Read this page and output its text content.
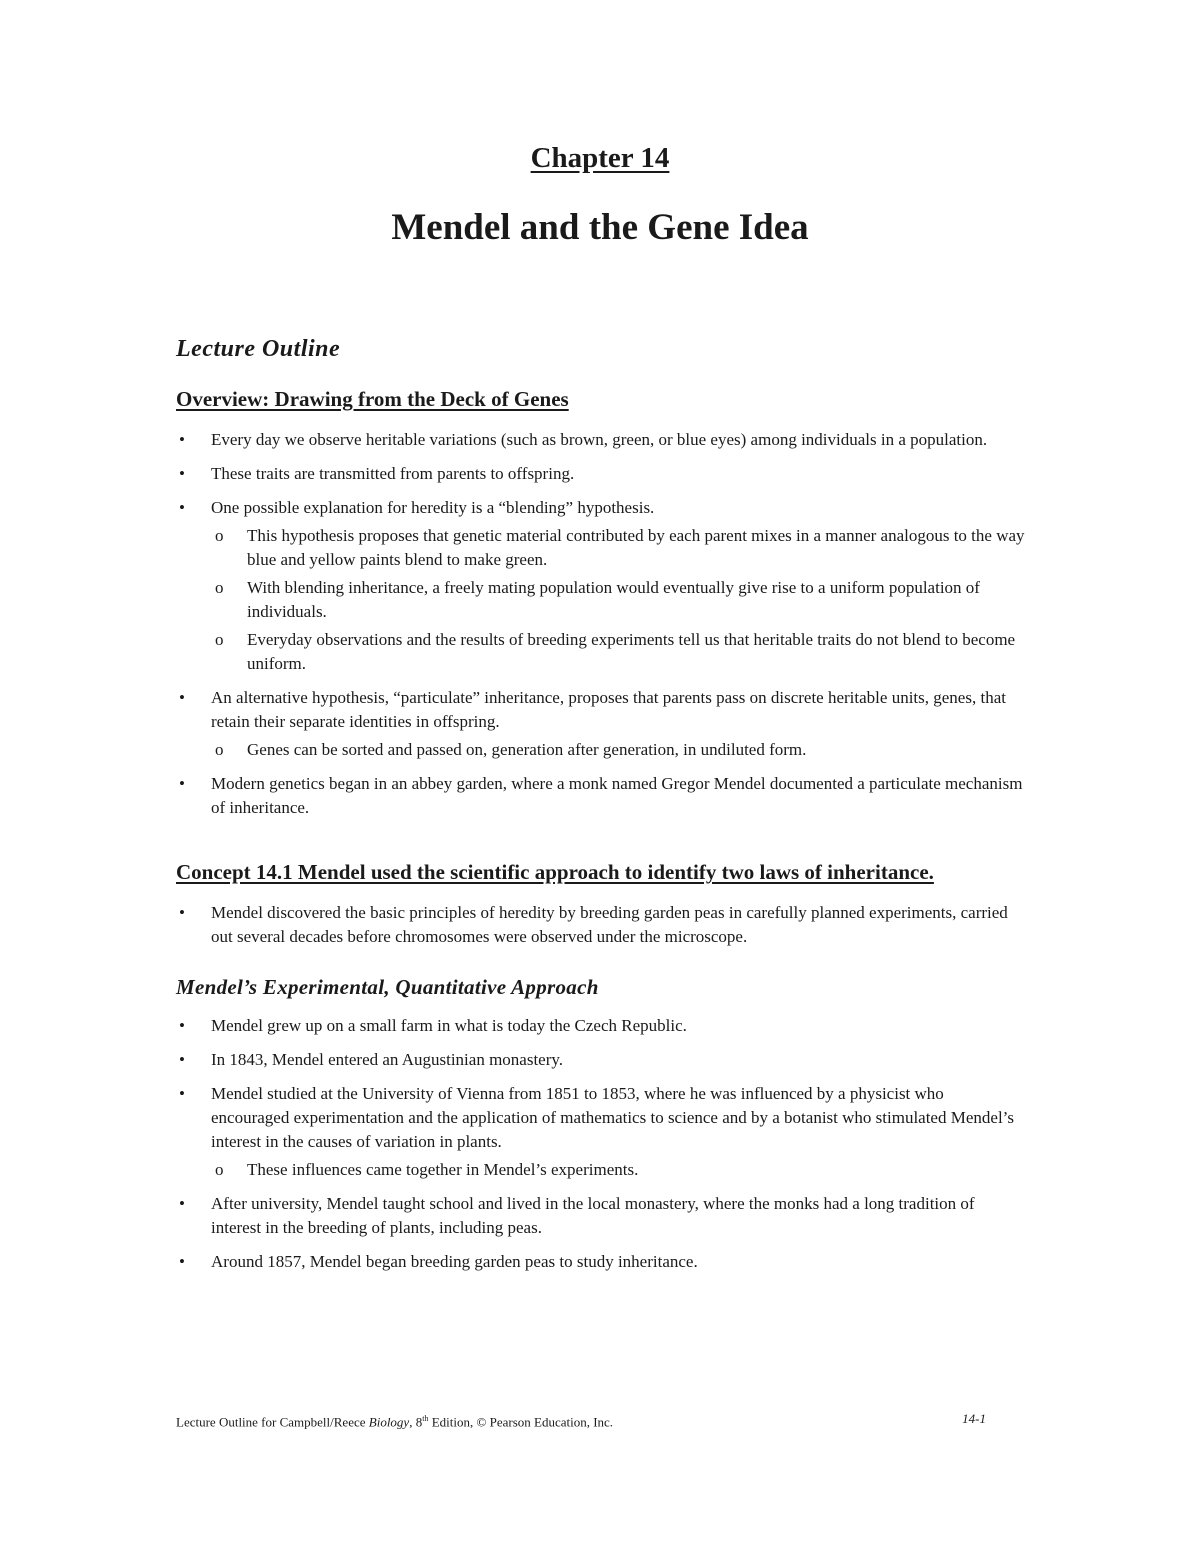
Chapter 14
Mendel and the Gene Idea
Lecture Outline
Overview: Drawing from the Deck of Genes
• Every day we observe heritable variations (such as brown, green, or blue eyes) among individuals in a population.
• These traits are transmitted from parents to offspring.
• One possible explanation for heredity is a “blending” hypothesis.
o This hypothesis proposes that genetic material contributed by each parent mixes in a manner analogous to the way blue and yellow paints blend to make green.
o With blending inheritance, a freely mating population would eventually give rise to a uniform population of individuals.
o Everyday observations and the results of breeding experiments tell us that heritable traits do not blend to become uniform.
• An alternative hypothesis, “particulate” inheritance, proposes that parents pass on discrete heritable units, genes, that retain their separate identities in offspring.
o Genes can be sorted and passed on, generation after generation, in undiluted form.
• Modern genetics began in an abbey garden, where a monk named Gregor Mendel documented a particulate mechanism of inheritance.
Concept 14.1 Mendel used the scientific approach to identify two laws of inheritance.
• Mendel discovered the basic principles of heredity by breeding garden peas in carefully planned experiments, carried out several decades before chromosomes were observed under the microscope.
Mendel’s Experimental, Quantitative Approach
• Mendel grew up on a small farm in what is today the Czech Republic.
• In 1843, Mendel entered an Augustinian monastery.
• Mendel studied at the University of Vienna from 1851 to 1853, where he was influenced by a physicist who encouraged experimentation and the application of mathematics to science and by a botanist who stimulated Mendel’s interest in the causes of variation in plants.
o These influences came together in Mendel’s experiments.
• After university, Mendel taught school and lived in the local monastery, where the monks had a long tradition of interest in the breeding of plants, including peas.
• Around 1857, Mendel began breeding garden peas to study inheritance.
Lecture Outline for Campbell/Reece Biology, 8th Edition, © Pearson Education, Inc.	14-1
